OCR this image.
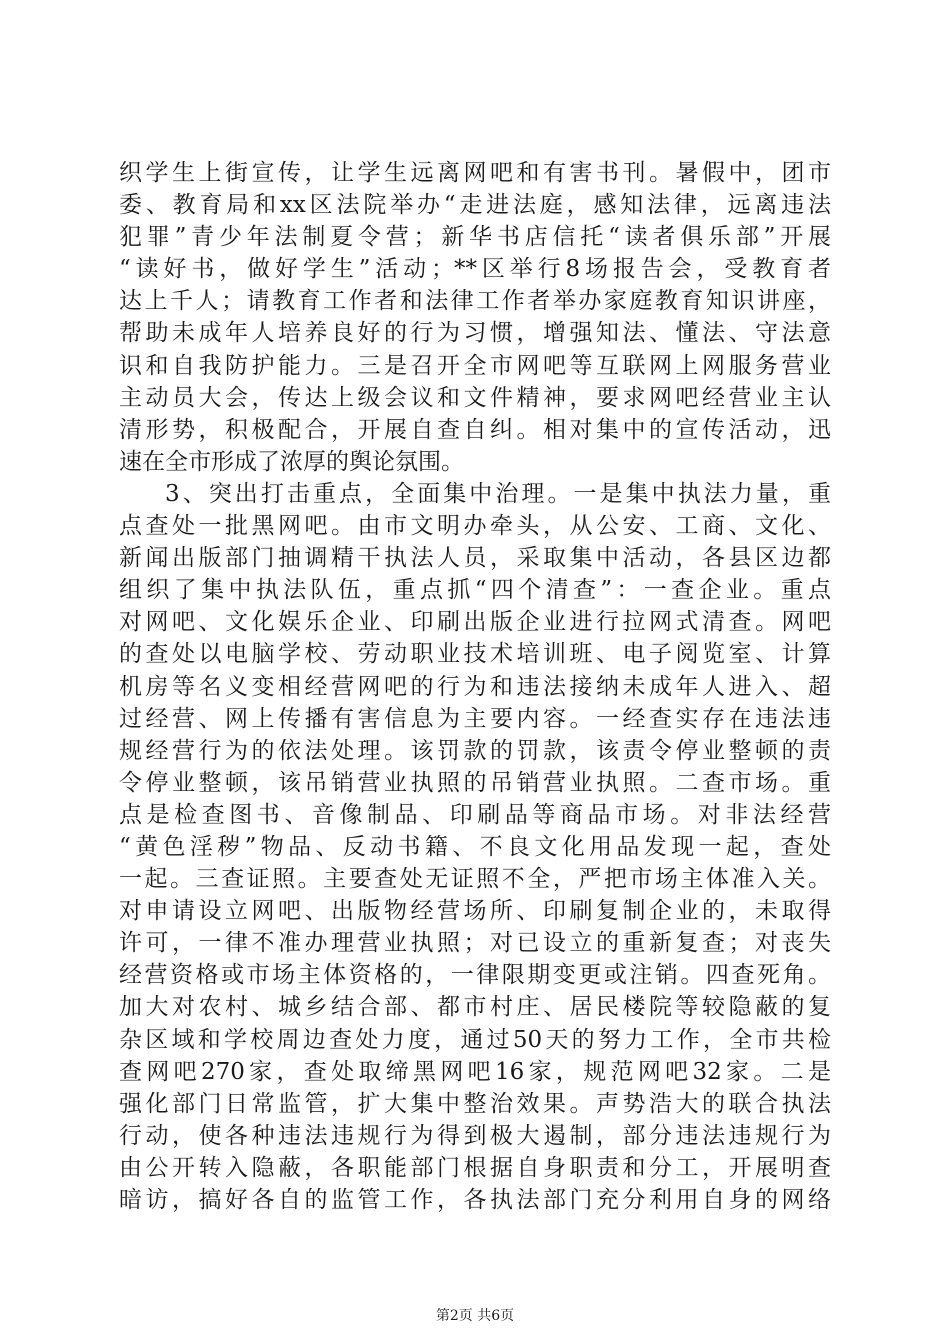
织学生上街宣传，让学生远离网吧和有害书刊。暑假中，团市
委、教育局和xx区法院举办“走进法庭，感知法律，远离违法
犯罪”青少年法制夏令营；新华书店信托“读者俱乐部”开展
“读好书，做好学生”活动；**区举行8场报告会，受教育者
达上千人；请教育工作者和法律工作者举办家庭教育知识讲座，
帮助未成年人培养良好的行为习惯，增强知法、懂法、守法意
识和自我防护能力。三是召开全市网吧等互联网上网服务营业
主动员大会，传达上级会议和文件精神，要求网吧经营业主认
清形势，积极配合，开展自查自纠。相对集中的宣传活动，迅
速在全市形成了浓厚的舆论氛围。
3、突出打击重点，全面集中治理。一是集中执法力量，重
点查处一批黑网吧。由市文明办牵头，从公安、工商、文化、
新闻出版部门抽调精干执法人员，采取集中活动，各县区边都
组织了集中执法队伍，重点抓“四个清查”：一查企业。重点
对网吧、文化娱乐企业、印刷出版企业进行拉网式清查。网吧
的查处以电脑学校、劳动职业技术培训班、电子阅览室、计算
机房等名义变相经营网吧的行为和违法接纳未成年人进入、超
过经营、网上传播有害信息为主要内容。一经查实存在违法违
规经营行为的依法处理。该罚款的罚款，该责令停业整顿的责
令停业整顿，该吊销营业执照的吊销营业执照。二查市场。重
点是检查图书、音像制品、印刷品等商品市场。对非法经营
“黄色淫秽”物品、反动书籍、不良文化用品发现一起，查处
一起。三查证照。主要查处无证照不全，严把市场主体准入关。
对申请设立网吧、出版物经营场所、印刷复制企业的，未取得
许可，一律不准办理营业执照；对已设立的重新复查；对丧失
经营资格或市场主体资格的，一律限期变更或注销。四查死角。
加大对农村、城乡结合部、都市村庄、居民楼院等较隐蔽的复
杂区域和学校周边查处力度，通过50天的努力工作，全市共检
查网吧270家，查处取缔黑网吧16家，规范网吧32家。二是
强化部门日常监管，扩大集中整治效果。声势浩大的联合执法
行动，使各种违法违规行为得到极大遏制，部分违法违规行为
由公开转入隐蔽，各职能部门根据自身职责和分工，开展明查
暗访，搞好各自的监管工作，各执法部门充分利用自身的网络
第2页 共6页
